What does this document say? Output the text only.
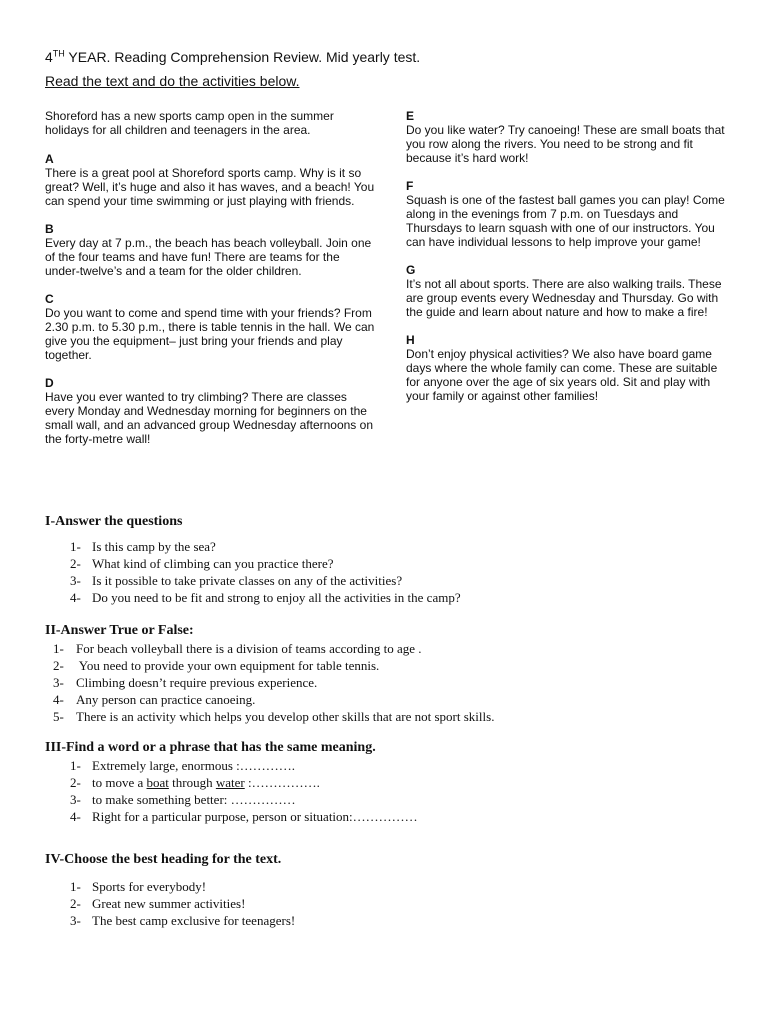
4TH YEAR. Reading Comprehension Review. Mid yearly test.
Read the text and do the activities below.

Shoreford has a new sports camp open in the summer holidays for all children and teenagers in the area.

A
There is a great pool at Shoreford sports camp. Why is it so great? Well, it’s huge and also it has waves, and a beach! You can spend your time swimming or just playing with friends.
B
Every day at 7 p.m., the beach has beach volleyball. Join one of the four teams and have fun! There are teams for the under-twelve’s and a team for the older children.
C
Do you want to come and spend time with your friends? From 2.30 p.m. to 5.30 p.m., there is table tennis in the hall. We can give you the equipment– just bring your friends and play together.
D
Have you ever wanted to try climbing? There are classes every Monday and Wednesday morning for beginners on the small wall, and an advanced group Wednesday afternoons on the forty-metre wall!
E
Do you like water? Try canoeing! These are small boats that you row along the rivers. You need to be strong and fit because it’s hard work!
F
Squash is one of the fastest ball games you can play! Come along in the evenings from 7 p.m. on Tuesdays and Thursdays to learn squash with one of our instructors. You can have individual lessons to help improve your game!
G
It’s not all about sports. There are also walking trails. These are group events every Wednesday and Thursday. Go with the guide and learn about nature and how to make a fire!
H
Don’t enjoy physical activities? We also have board game days where the whole family can come. These are suitable for anyone over the age of six years old. Sit and play with your family or against other families!
I-Answer the questions
1- Is this camp by the sea?
2- What kind of climbing can you practice there?
3- Is it possible to take private classes on any of the activities?
4- Do you need to be fit and strong to enjoy all the activities in the camp?
II-Answer True or False:
1- For beach volleyball there is a division of teams according to age .
2- You need to provide your own equipment for table tennis.
3- Climbing doesn’t require previous experience.
4- Any person can practice canoeing.
5- There is an activity which helps you develop other skills that are not sport skills.
III-Find a word or a phrase that has the same meaning.
1- Extremely large, enormous :………….
2- to move a boat through water :…………….
3- to make something better: ……………
4- Right for a particular purpose, person or situation:……………
IV-Choose the best heading for the text.
1- Sports for everybody!
2- Great new summer activities!
3- The best camp exclusive for teenagers!
